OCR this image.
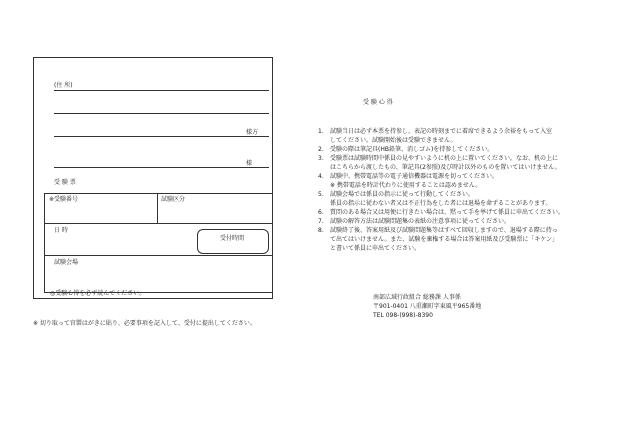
(住 所)
様方
様
受 験 票
※受験番号	試験区分
日 時
試験会場
◎受験心得を必ず読んでください。
受付時間
※ 切り取って官製はがきに貼り、必要事項を記入して、受付に提出してください。
受 験 心 得
1. 試験当日は必ず本票を持参し、表記の時刻までに着席できるよう余裕をもって入室
してください。試験開始後は受験できません。
2. 受験の際は筆記具(HB鉛筆、消しゴム)を持参してください。
3. 受験票は試験時間中係員の見やすいように机の上に置いてください。なお、机の上に
はこちらから渡したもの、筆記具(2参照)及び時計以外のものを置いてはいけません。
4. 試験中、携帯電話等の電子通信機器は電源を切ってください。
※ 携帯電話を時計代わりに使用することは認めません。
5. 試験会場では係員の指示に従って行動してください。
係員の指示に従わない者又は不正行為をした者には退場を命ずることがあります。
6. 質問のある場合又は用便に行きたい場合は、黙って手を挙げて係員に申出てください。
7. 試験の解答方法は試験問題集の表紙の注意事項に従ってください。
8. 試験終了後、答案用紙及び試験問題集等はすべて回収しますので、退場する際に持っ
て出てはいけません。また、試験を棄権する場合は答案用紙及び受験票に「キケン」
と書いて係員に申出てください。
南部広域行政組合 総務課 人事係
〒901-0401 八重瀬町字東風平965番地
TEL 098-(998)-8390
